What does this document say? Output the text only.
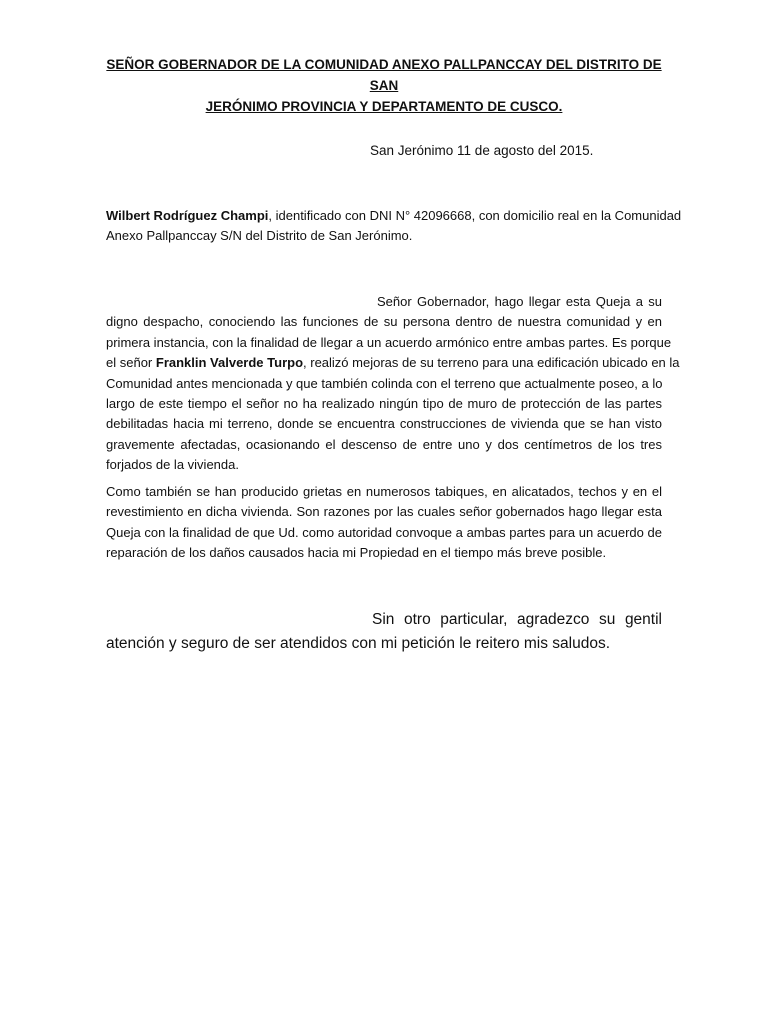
SEÑOR GOBERNADOR DE LA COMUNIDAD ANEXO PALLPANCCAY DEL DISTRITO DE SAN
JERÓNIMO PROVINCIA Y DEPARTAMENTO DE CUSCO.
San Jerónimo 11 de agosto del 2015.
Wilbert Rodríguez Champi, identificado con DNI N° 42096668, con domicilio real en la Comunidad
Anexo Pallpanccay S/N del Distrito de San Jerónimo.
Señor Gobernador, hago llegar esta Queja a su
digno despacho, conociendo las funciones de su persona dentro de nuestra comunidad y en
primera instancia, con la finalidad de llegar a un acuerdo armónico entre ambas partes. Es porque
el señor Franklin Valverde Turpo, realizó mejoras de su terreno para una edificación ubicado en la
Comunidad antes mencionada y que también colinda con el terreno que actualmente poseo, a lo
largo de este tiempo el señor no ha realizado ningún tipo de muro de protección de las partes
debilitadas hacia mi terreno, donde se encuentra construcciones de vivienda que se han visto
gravemente afectadas, ocasionando el descenso de entre uno y dos centímetros de los tres
forjados de la vivienda.
Como también se han producido grietas en numerosos tabiques, en alicatados, techos y en el
revestimiento en dicha vivienda. Son razones por las cuales señor gobernados hago llegar esta
Queja con la finalidad de que Ud. como autoridad convoque a ambas partes para un acuerdo de
reparación de los daños causados hacia mi Propiedad en el tiempo más breve posible.
Sin otro particular, agradezco su gentil
atención y seguro de ser atendidos con mi petición le reitero mis saludos.
